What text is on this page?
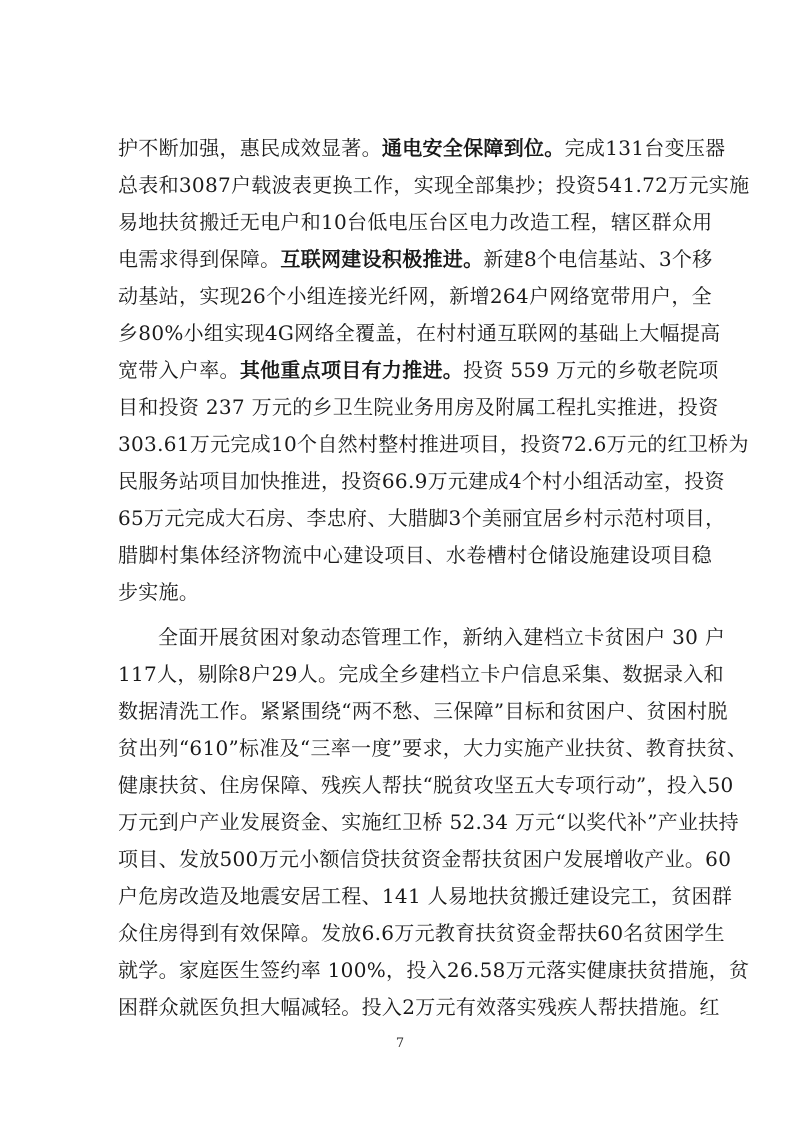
护不断加强，惠民成效显著。通电安全保障到位。完成131台变压器
总表和3087户载波表更换工作，实现全部集抄；投资541.72万元实施
易地扶贫搬迁无电户和10台低电压台区电力改造工程，辖区群众用
电需求得到保障。互联网建设积极推进。新建8个电信基站、3个移
动基站，实现26个小组连接光纤网，新增264户网络宽带用户，全
乡80%小组实现4G网络全覆盖，在村村通互联网的基础上大幅提高
宽带入户率。其他重点项目有力推进。投资 559 万元的乡敬老院项
目和投资 237 万元的乡卫生院业务用房及附属工程扎实推进，投资
303.61万元完成10个自然村整村推进项目，投资72.6万元的红卫桥为
民服务站项目加快推进，投资66.9万元建成4个村小组活动室，投资
65万元完成大石房、李忠府、大腊脚3个美丽宜居乡村示范村项目，
腊脚村集体经济物流中心建设项目、水卷槽村仓储设施建设项目稳
步实施。
全面开展贫困对象动态管理工作，新纳入建档立卡贫困户 30 户
117人，剔除8户29人。完成全乡建档立卡户信息采集、数据录入和
数据清洗工作。紧紧围绕“两不愁、三保障”目标和贫困户、贫困村脱
贫出列“610”标准及“三率一度”要求，大力实施产业扶贫、教育扶贫、
健康扶贫、住房保障、残疾人帮扶“脱贫攻坚五大专项行动”，投入50
万元到户产业发展资金、实施红卫桥 52.34 万元“以奖代补”产业扶持
项目、发放500万元小额信贷扶贫资金帮扶贫困户发展增收产业。60
户危房改造及地震安居工程、141 人易地扶贫搬迁建设完工，贫困群
众住房得到有效保障。发放6.6万元教育扶贫资金帮扶60名贫困学生
就学。家庭医生签约率 100%，投入26.58万元落实健康扶贫措施，贫
困群众就医负担大幅减轻。投入2万元有效落实残疾人帮扶措施。红
7
